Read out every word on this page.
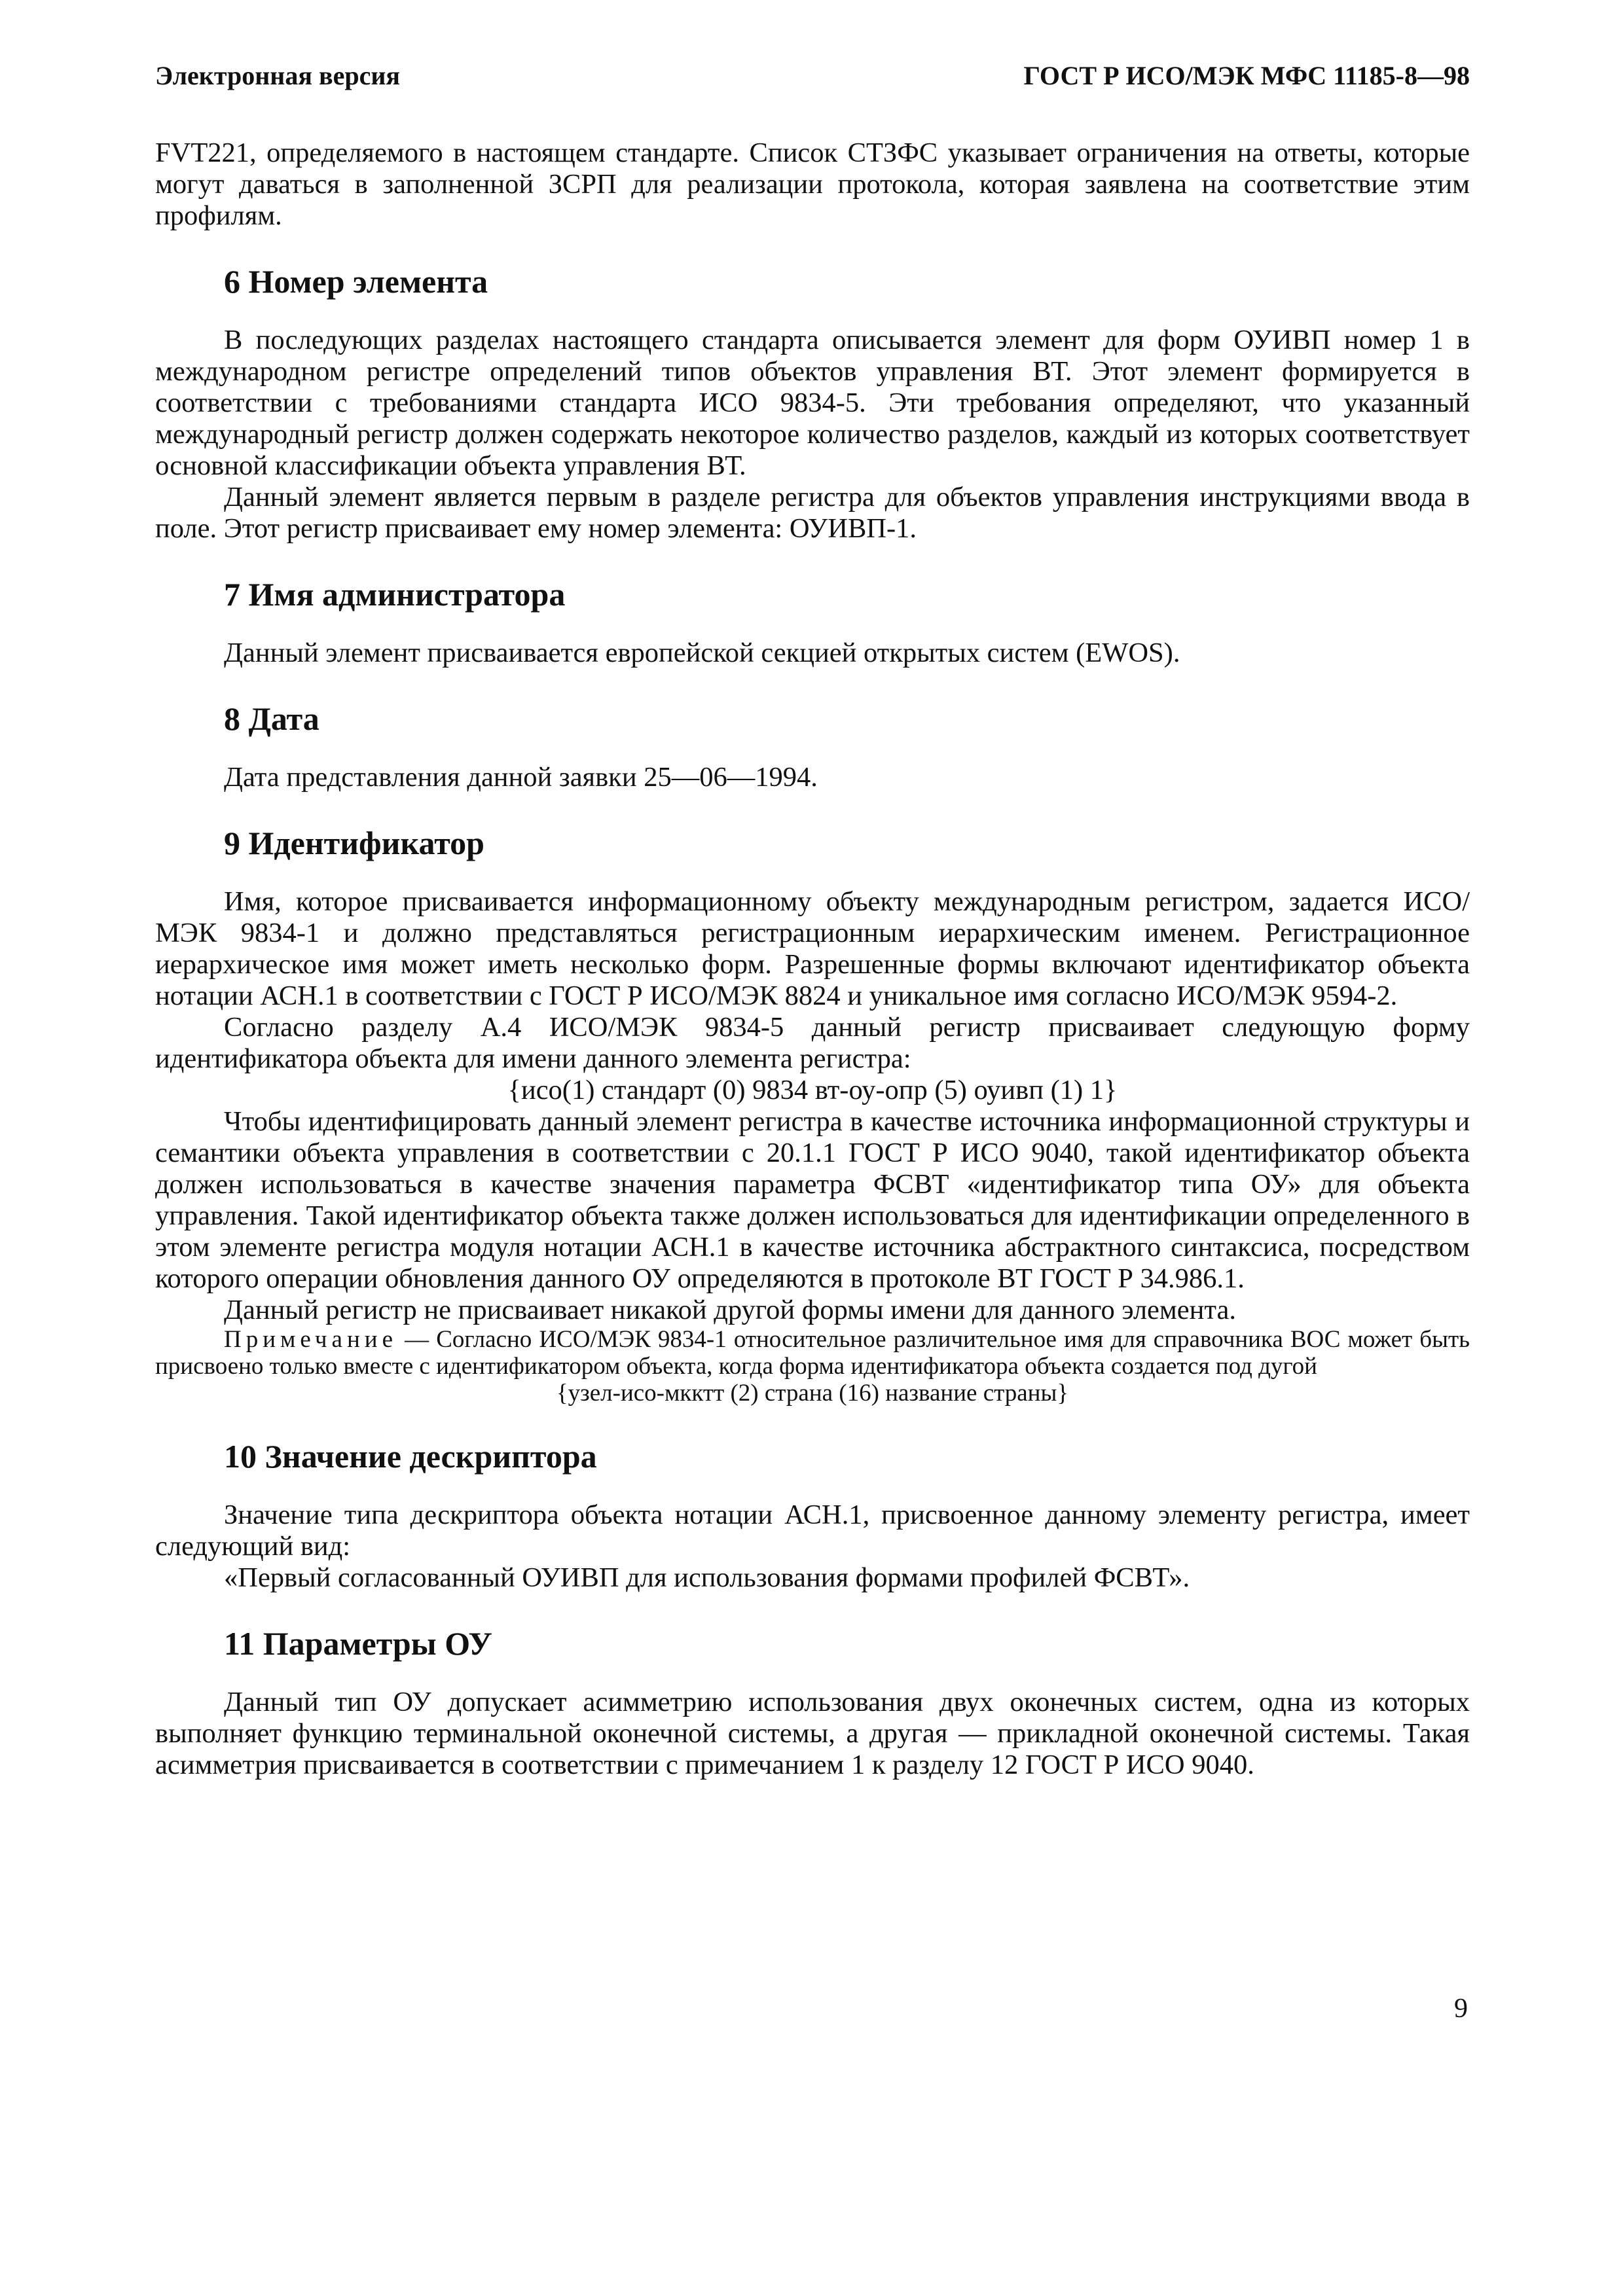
Электронная версия	ГОСТ Р ИСО/МЭК МФС 11185-8—98

FVT221, определяемого в настоящем стандарте. Список СТЗФС указывает ограничения на ответы, которые могут даваться в заполненной ЗСРП для реализации протокола, которая заявлена на соответствие этим профилям.

6 Номер элемента

В последующих разделах настоящего стандарта описывается элемент для форм ОУИВП номер 1 в международном регистре определений типов объектов управления ВТ. Этот элемент формируется в соответствии с требованиями стандарта ИСО 9834-5. Эти требования определяют, что указанный международный регистр должен содержать некоторое количество разделов, каждый из которых соответствует основной классификации объекта управления ВТ.

Данный элемент является первым в разделе регистра для объектов управления инструкциями ввода в поле. Этот регистр присваивает ему номер элемента: ОУИВП-1.

7 Имя администратора

Данный элемент присваивается европейской секцией открытых систем (EWOS).

8 Дата

Дата представления данной заявки 25—06—1994.

9 Идентификатор

Имя, которое присваивается информационному объекту международным регистром, задается ИСО/МЭК 9834-1 и должно представляться регистрационным иерархическим именем. Регистрационное иерархическое имя может иметь несколько форм. Разрешенные формы включают идентификатор объекта нотации АСН.1 в соответствии с ГОСТ Р ИСО/МЭК 8824 и уникальное имя согласно ИСО/МЭК 9594-2.

Согласно разделу А.4 ИСО/МЭК 9834-5 данный регистр присваивает следующую форму идентификатора объекта для имени данного элемента регистра:

{исо(1) стандарт (0) 9834 вт-оу-опр (5) оуивп (1) 1}

Чтобы идентифицировать данный элемент регистра в качестве источника информационной структуры и семантики объекта управления в соответствии с 20.1.1 ГОСТ Р ИСО 9040, такой идентификатор объекта должен использоваться в качестве значения параметра ФСВТ «идентификатор типа ОУ» для объекта управления. Такой идентификатор объекта также должен использоваться для идентификации определенного в этом элементе регистра модуля нотации АСН.1 в качестве источника абстрактного синтаксиса, посредством которого операции обновления данного ОУ определяются в протоколе ВТ ГОСТ Р 34.986.1.

Данный регистр не присваивает никакой другой формы имени для данного элемента.

Примечание — Согласно ИСО/МЭК 9834-1 относительное различительное имя для справочника ВОС может быть присвоено только вместе с идентификатором объекта, когда форма идентификатора объекта создается под дугой

{узел-исо-мкктт (2) страна (16) название страны}

10 Значение дескриптора

Значение типа дескриптора объекта нотации АСН.1, присвоенное данному элементу регистра, имеет следующий вид:

«Первый согласованный ОУИВП для использования формами профилей ФСВТ».

11 Параметры ОУ

Данный тип ОУ допускает асимметрию использования двух оконечных систем, одна из которых выполняет функцию терминальной оконечной системы, а другая — прикладной оконечной системы. Такая асимметрия присваивается в соответствии с примечанием 1 к разделу 12 ГОСТ Р ИСО 9040.

9
